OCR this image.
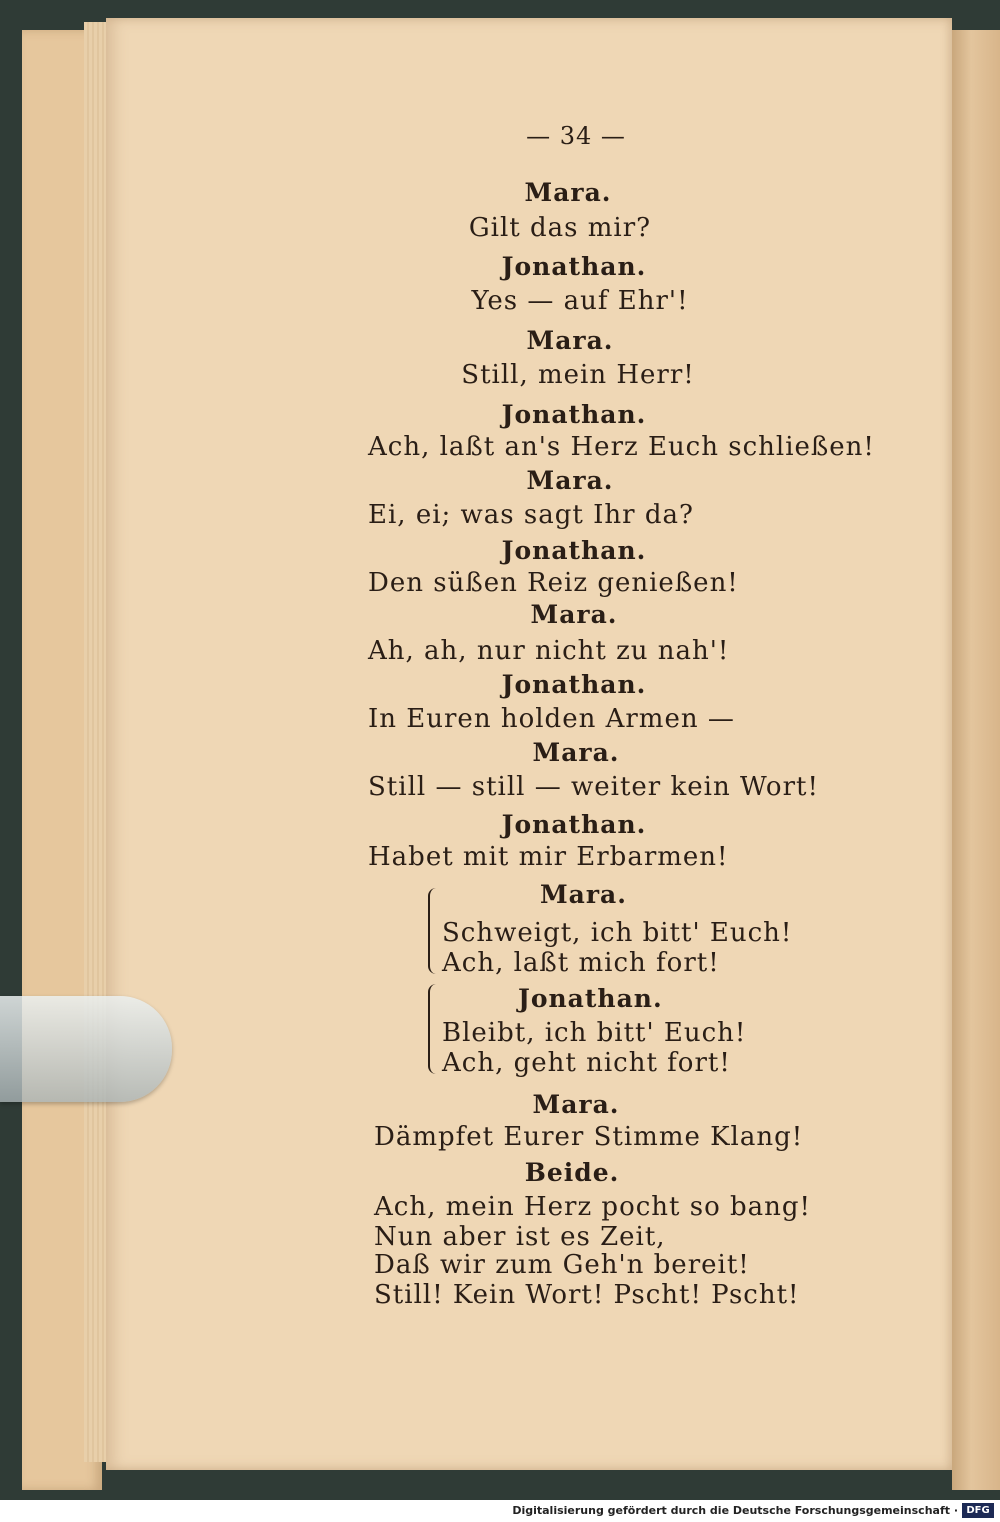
— 34 —
Mara.
Gilt das mir?
Jonathan.
Yes — auf Ehr'!
Mara.
Still, mein Herr!
Jonathan.
Ach, laßt an's Herz Euch schließen!
Mara.
Ei, ei; was sagt Ihr da?
Jonathan.
Den süßen Reiz genießen!
Mara.
Ah, ah, nur nicht zu nah'!
Jonathan.
In Euren holden Armen —
Mara.
Still — still — weiter kein Wort!
Jonathan.
Habet mit mir Erbarmen!
Mara.
Schweigt, ich bitt' Euch!
Ach, laßt mich fort!
Jonathan.
Bleibt, ich bitt' Euch!
Ach, geht nicht fort!
Mara.
Dämpfet Eurer Stimme Klang!
Beide.
Ach, mein Herz pocht so bang!
Nun aber ist es Zeit,
Daß wir zum Geh'n bereit!
Still! Kein Wort! Pscht! Pscht!
Digitalisierung gefördert durch die Deutsche Forschungsgemeinschaft · DFG
